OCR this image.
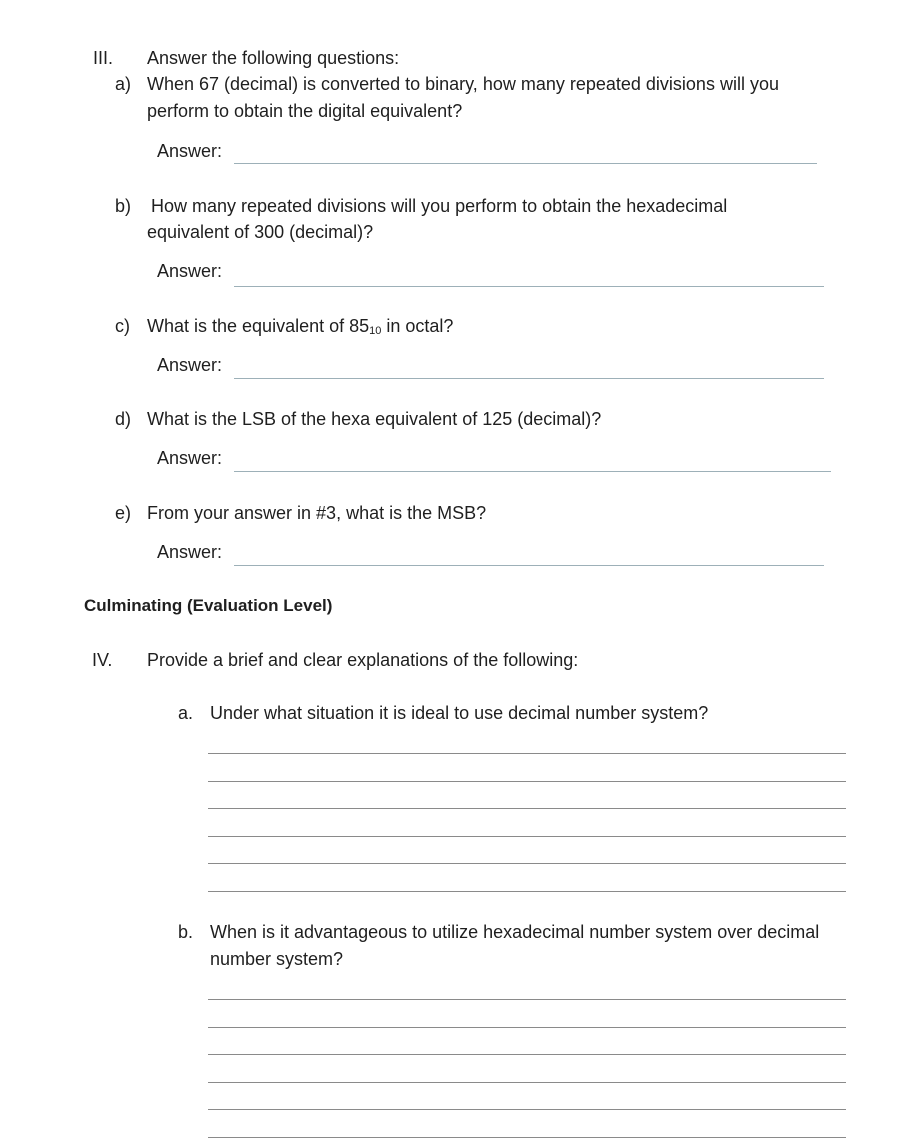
III. Answer the following questions:
a) When 67 (decimal) is converted to binary, how many repeated divisions will you
perform to obtain the digital equivalent?
Answer:
b) How many repeated divisions will you perform to obtain the hexadecimal
equivalent of 300 (decimal)?
Answer:
c) What is the equivalent of $85_{10}$ in octal?
Answer:
d) What is the LSB of the hexa equivalent of 125 (decimal)?
Answer:
e) From your answer in #3, what is the MSB?
Answer:
Culminating (Evaluation Level)
IV. Provide a brief and clear explanations of the following:
a. Under what situation it is ideal to use decimal number system?
b. When is it advantageous to utilize hexadecimal number system over decimal
number system?
